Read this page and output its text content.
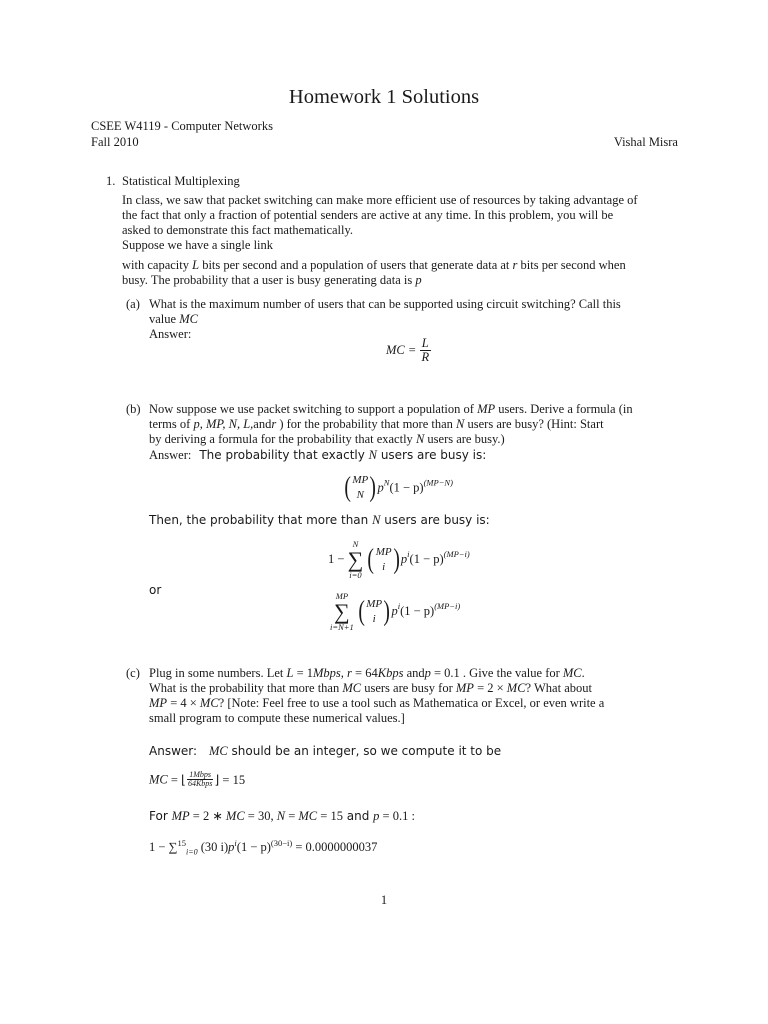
Homework 1 Solutions
CSEE W4119 - Computer Networks
Fall 2010	Vishal Misra
1. Statistical Multiplexing
In class, we saw that packet switching can make more efficient use of resources by taking advantage of
the fact that only a fraction of potential senders are active at any time. In this problem, you will be
asked to demonstrate this fact mathematically.
Suppose we have a single link
with capacity L bits per second and a population of users that generate data at r bits per second when
busy. The probability that a user is busy generating data is p
(a) What is the maximum number of users that can be supported using circuit switching? Call this
value MC
Answer:
MC = $\frac{L}{R}$
(b) Now suppose we use packet switching to support a population of MP users. Derive a formula (in
terms of p, MP, N, L,andr ) for the probability that more than N users are busy? (Hint: Start
by deriving a formula for the probability that exactly N users are busy.)
Answer: The probability that exactly N users are busy is:
( MP
N ) $p^N(1 - p)^{(MP-N)}$
Then, the probability that more than N users are busy is:
1 −
N
∑
i=0
( MP
i ) $p^i(1 - p)^{(MP-i)}$
or	MP
∑
i=N+1
( MP
i ) $p^i(1 - p)^{(MP-i)}$
(c) Plug in some numbers. Let L = 1Mbps, r = 64Kbps andp = 0.1 . Give the value for MC.
What is the probability that more than MC users are busy for MP = 2 × MC? What about
MP = 4 × MC? [Note: Feel free to use a tool such as Mathematica or Excel, or even write a
small program to compute these numerical values.]
Answer: MC should be an integer, so we compute it to be
MC = ⌊ $\frac{\text{1Mbps}}{\text{64Kbps}}$ ⌋ = 15
For MP = 2 ∗ MC = 30, N = MC = 15 and p = 0.1 :
1 − ∑$^{15}_{i=0}$ (30 $i)p^i(1 - p)^{(30-i)} = 0.0000000037$
1
